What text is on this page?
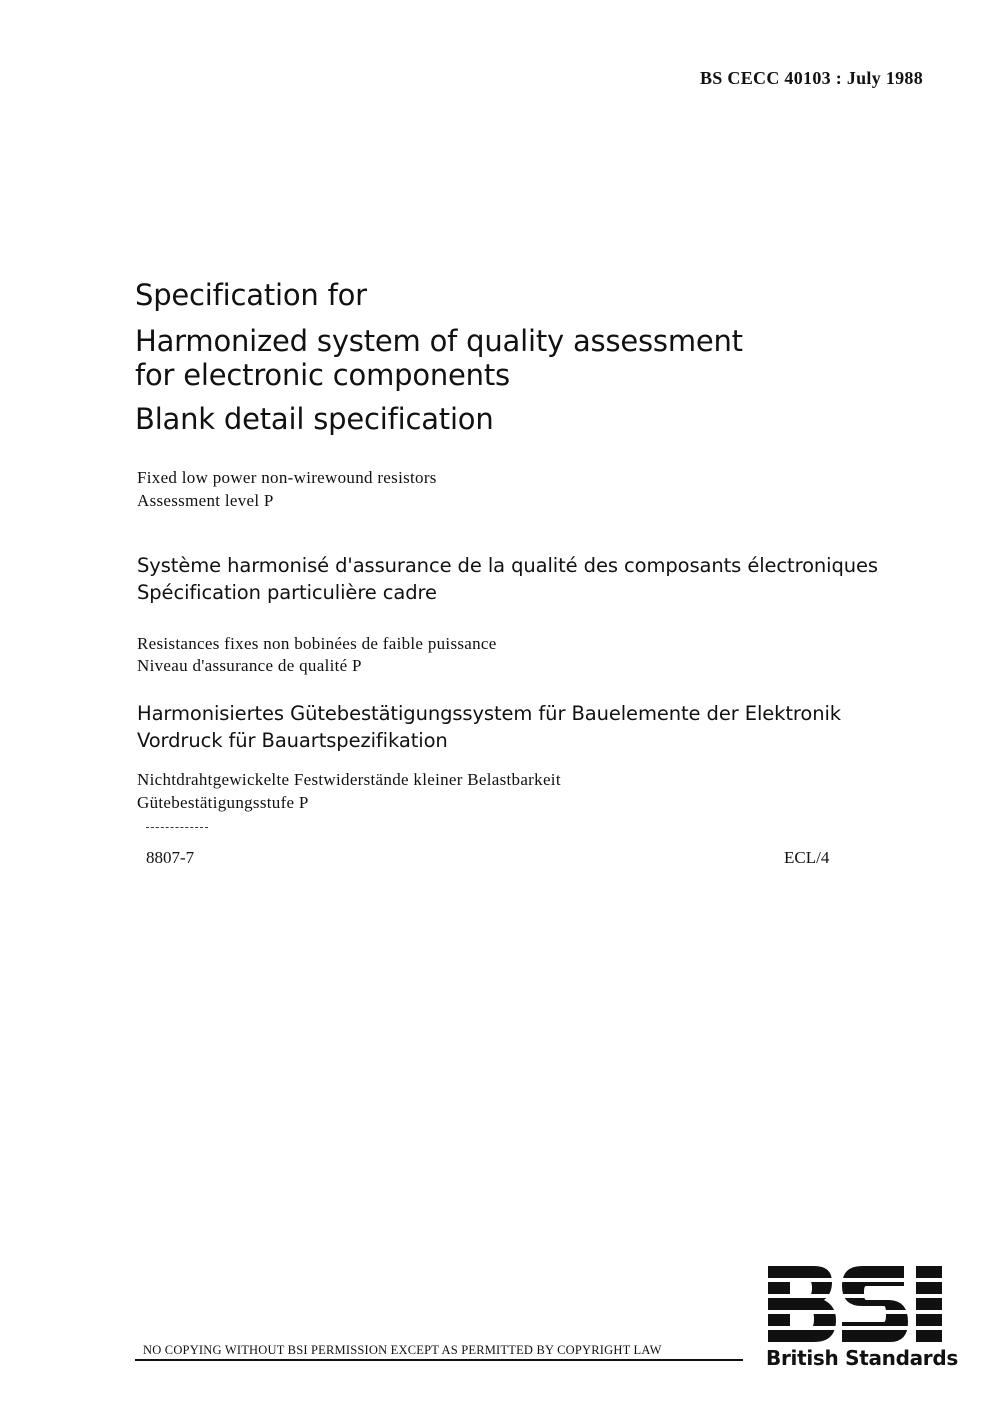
BS CECC 40103 : July 1988
Specification for
Harmonized system of quality assessment
for electronic components
Blank detail specification
Fixed low power non-wirewound resistors
Assessment level P
Système harmonisé d'assurance de la qualité des composants électroniques
Spécification particulière cadre
Resistances fixes non bobinées de faible puissance
Niveau d'assurance de qualité P
Harmonisiertes Gütebestätigungssystem für Bauelemente der Elektronik
Vordruck für Bauartspezifikation
Nichtdrahtgewickelte Festwiderstände kleiner Belastbarkeit
Gütebestätigungsstufe P
8807-7	ECL/4
NO COPYING WITHOUT BSI PERMISSION EXCEPT AS PERMITTED BY COPYRIGHT LAW	British Standards
